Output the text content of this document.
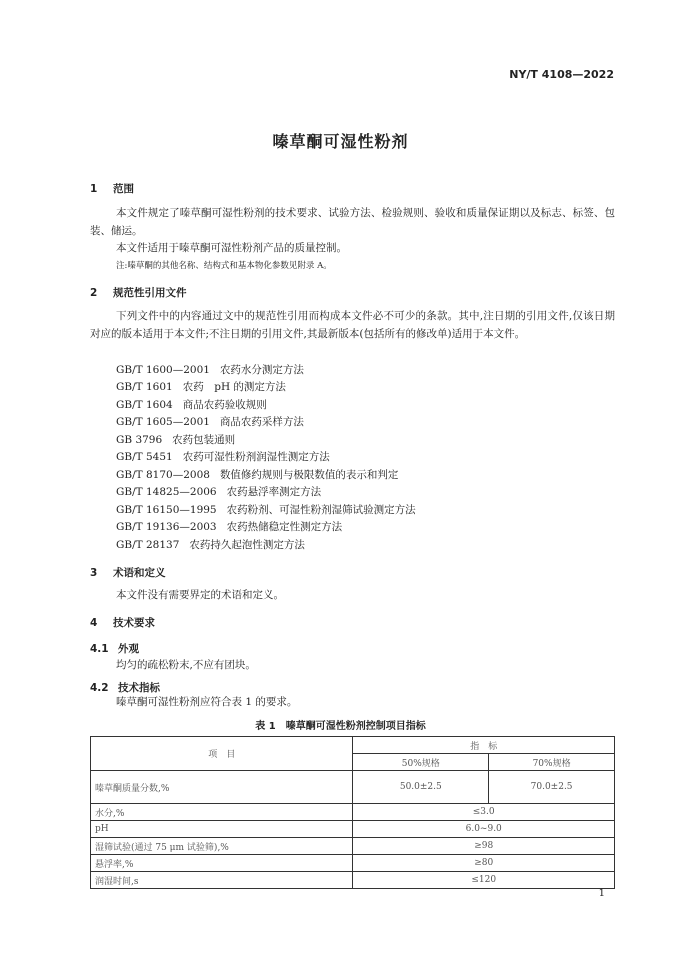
NY/T 4108—2022
嗪草酮可湿性粉剂
1 范围
本文件规定了嗪草酮可湿性粉剂的技术要求、试验方法、检验规则、验收和质量保证期以及标志、标签、包装、储运。
本文件适用于嗪草酮可湿性粉剂产品的质量控制。
注:嗪草酮的其他名称、结构式和基本物化参数见附录 A。
2 规范性引用文件
下列文件中的内容通过文中的规范性引用而构成本文件必不可少的条款。其中,注日期的引用文件,仅该日期对应的版本适用于本文件;不注日期的引用文件,其最新版本(包括所有的修改单)适用于本文件。
GB/T 1600—2001 农药水分测定方法
GB/T 1601 农药　pH 的测定方法
GB/T 1604 商品农药验收规则
GB/T 1605—2001 商品农药采样方法
GB 3796 农药包装通则
GB/T 5451 农药可湿性粉剂润湿性测定方法
GB/T 8170—2008 数值修约规则与极限数值的表示和判定
GB/T 14825—2006 农药悬浮率测定方法
GB/T 16150—1995 农药粉剂、可湿性粉剂湿筛试验测定方法
GB/T 19136—2003 农药热储稳定性测定方法
GB/T 28137 农药持久起泡性测定方法
3 术语和定义
本文件没有需要界定的术语和定义。
4 技术要求
4.1 外观
均匀的疏松粉末,不应有团块。
4.2 技术指标
嗪草酮可湿性粉剂应符合表 1 的要求。
表 1　嗪草酮可湿性粉剂控制项目指标
项　目	指　标	
	50%规格	70%规格
嗪草酮质量分数,%	50.0±2.5	70.0±2.5
水分,%	≤3.0	
pH	6.0~9.0	
湿筛试验(通过 75 μm 试验筛),%	≥98	
悬浮率,%	≥80	
润湿时间,s	≤120	
1
